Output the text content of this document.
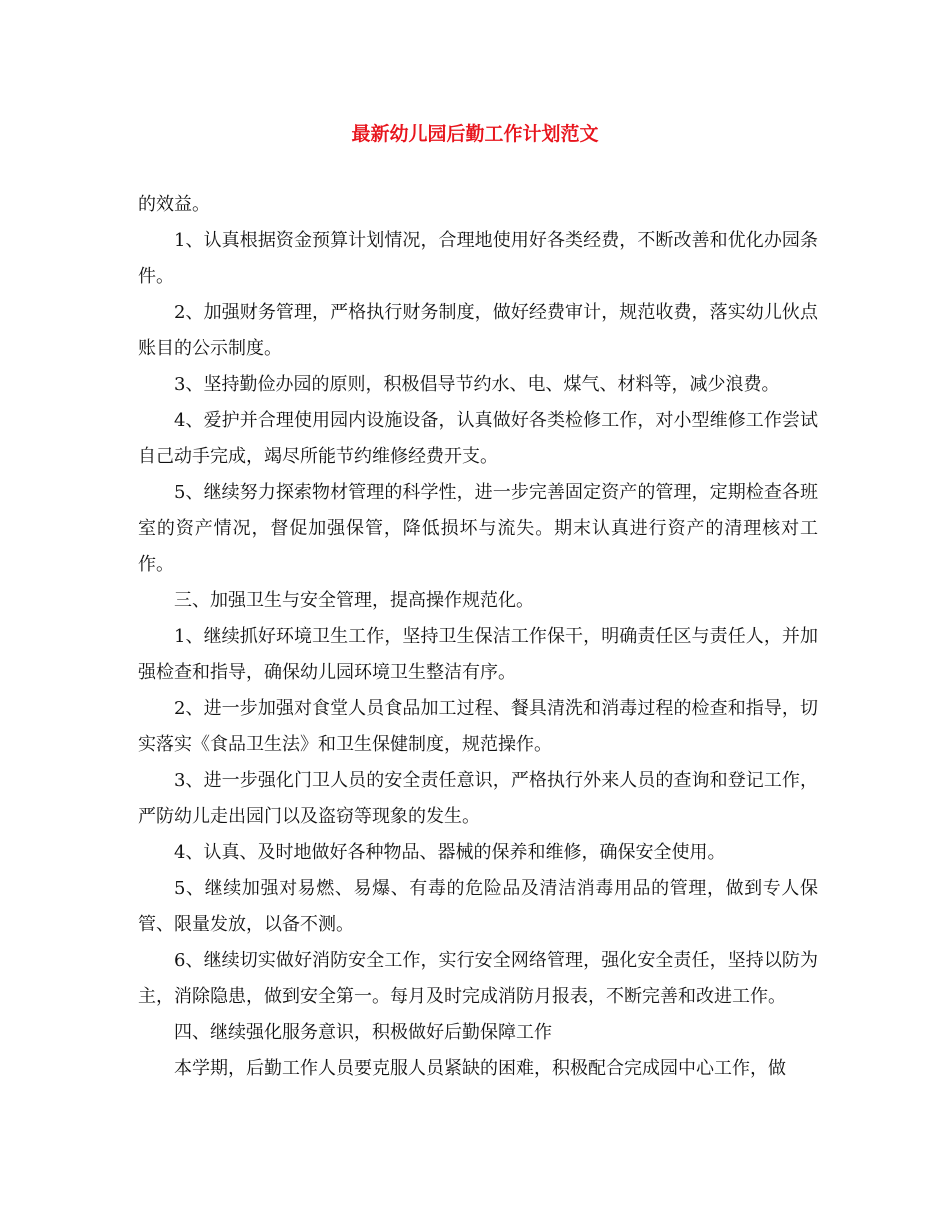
最新幼儿园后勤工作计划范文

的效益。

1、认真根据资金预算计划情况，合理地使用好各类经费，不断改善和优化办园条件。

2、加强财务管理，严格执行财务制度，做好经费审计，规范收费，落实幼儿伙点账目的公示制度。

3、坚持勤俭办园的原则，积极倡导节约水、电、煤气、材料等，减少浪费。

4、爱护并合理使用园内设施设备，认真做好各类检修工作，对小型维修工作尝试自己动手完成，竭尽所能节约维修经费开支。

5、继续努力探索物材管理的科学性，进一步完善固定资产的管理，定期检查各班室的资产情况，督促加强保管，降低损坏与流失。期末认真进行资产的清理核对工作。

三、加强卫生与安全管理，提高操作规范化。

1、继续抓好环境卫生工作，坚持卫生保洁工作保干，明确责任区与责任人，并加强检查和指导，确保幼儿园环境卫生整洁有序。

2、进一步加强对食堂人员食品加工过程、餐具清洗和消毒过程的检查和指导，切实落实《食品卫生法》和卫生保健制度，规范操作。

3、进一步强化门卫人员的安全责任意识，严格执行外来人员的查询和登记工作，严防幼儿走出园门以及盗窃等现象的发生。

4、认真、及时地做好各种物品、器械的保养和维修，确保安全使用。

5、继续加强对易燃、易爆、有毒的危险品及清洁消毒用品的管理，做到专人保管、限量发放，以备不测。

6、继续切实做好消防安全工作，实行安全网络管理，强化安全责任，坚持以防为主，消除隐患，做到安全第一。每月及时完成消防月报表，不断完善和改进工作。

四、继续强化服务意识，积极做好后勤保障工作

本学期，后勤工作人员要克服人员紧缺的困难，积极配合完成园中心工作，做
